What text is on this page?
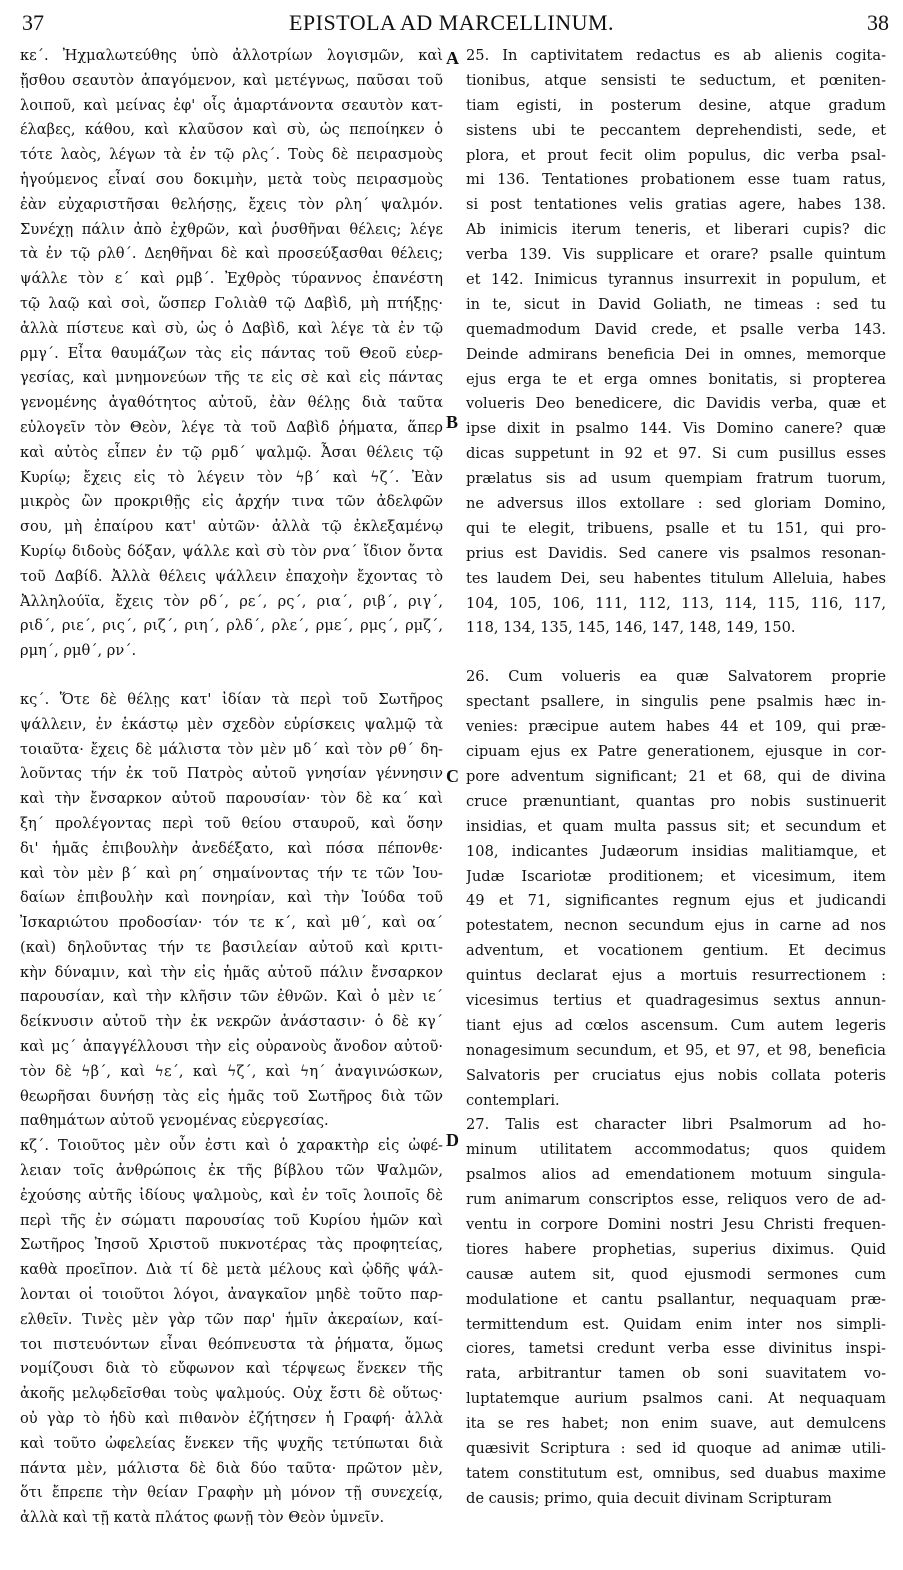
37	EPISTOLA AD MARCELLINUM.	38
κε΄. Ἠχμαλωτεύθης ὑπὸ ἀλλοτρίων λογισμῶν, καὶ
ᾔσθου σεαυτὸν ἀπαγόμενον, καὶ μετέγνως, παῦσαι τοῦ
λοιποῦ, καὶ μείνας ἐφ' οἷς ἁμαρτάνοντα σεαυτὸν κατ-
έλαβες, κάθου, καὶ κλαῦσον καὶ σὺ, ὡς πεποίηκεν ὁ
τότε λαὸς, λέγων τὰ ἐν τῷ ρλς΄. Τοὺς δὲ πειρασμοὺς
ἡγούμενος εἶναί σου δοκιμὴν, μετὰ τοὺς πειρασμοὺς
ἐὰν εὐχαριστῆσαι θελήσῃς, ἔχεις τὸν ρλη΄ ψαλμόν.
Συνέχῃ πάλιν ἀπὸ ἐχθρῶν, καὶ ῥυσθῆναι θέλεις; λέγε
τὰ ἐν τῷ ρλθ΄. Δεηθῆναι δὲ καὶ προσεύξασθαι θέλεις;
ψάλλε τὸν ε΄ καὶ ρμβ΄. Ἐχθρὸς τύραννος ἐπανέστη
τῷ λαῷ καὶ σοὶ, ὥσπερ Γολιὰθ τῷ Δαβὶδ, μὴ πτήξῃς·
ἀλλὰ πίστευε καὶ σὺ, ὡς ὁ Δαβὶδ, καὶ λέγε τὰ ἐν τῷ
ρμγ΄. Εἶτα θαυμάζων τὰς εἰς πάντας τοῦ Θεοῦ εὐερ-
γεσίας, καὶ μνημονεύων τῆς τε εἰς σὲ καὶ εἰς πάντας
γενομένης ἀγαθότητος αὐτοῦ, ἐὰν θέλῃς διὰ ταῦτα
εὐλογεῖν τὸν Θεὸν, λέγε τὰ τοῦ Δαβὶδ ῥήματα, ἅπερ
καὶ αὐτὸς εἶπεν ἐν τῷ ρμδ΄ ψαλμῷ. Ἆσαι θέλεις τῷ
Κυρίῳ; ἔχεις εἰς τὸ λέγειν τὸν ϟβ΄ καὶ ϟζ΄. Ἐὰν
μικρὸς ὢν προκριθῇς εἰς ἀρχήν τινα τῶν ἀδελφῶν
σου, μὴ ἐπαίρου κατ' αὐτῶν· ἀλλὰ τῷ ἐκλεξαμένῳ
Κυρίῳ διδοὺς δόξαν, ψάλλε καὶ σὺ τὸν ρνα΄ ἴδιον ὄντα
τοῦ Δαβίδ. Ἀλλὰ θέλεις ψάλλειν ἐπαχοὴν ἔχοντας τὸ
Ἀλληλούϊα, ἔχεις τὸν ρδ΄, ρε΄, ρς΄, ρια΄, ριβ΄, ριγ΄,
ριδ΄, ριε΄, ρις΄, ριζ΄, ριη΄, ρλδ΄, ρλε΄, ρμε΄, ρμς΄, ρμζ΄,
ρμη΄, ρμθ΄, ρν΄.
κς΄. Ὅτε δὲ θέλῃς κατ' ἰδίαν τὰ περὶ τοῦ Σωτῆρος
ψάλλειν, ἐν ἑκάστῳ μὲν σχεδὸν εὑρίσκεις ψαλμῷ τὰ
τοιαῦτα· ἔχεις δὲ μάλιστα τὸν μὲν μδ΄ καὶ τὸν ρθ΄ δη-
λοῦντας τήν ἐκ τοῦ Πατρὸς αὐτοῦ γνησίαν γέννησιν
καὶ τὴν ἔνσαρκον αὐτοῦ παρουσίαν· τὸν δὲ κα΄ καὶ
ξη΄ προλέγοντας περὶ τοῦ θείου σταυροῦ, καὶ ὅσην
δι' ἡμᾶς ἐπιβουλὴν ἀνεδέξατο, καὶ πόσα πέπονθε·
καὶ τὸν μὲν β΄ καὶ ρη΄ σημαίνοντας τήν τε τῶν Ἰου-
δαίων ἐπιβουλὴν καὶ πονηρίαν, καὶ τὴν Ἰούδα τοῦ
Ἰσκαριώτου προδοσίαν· τόν τε κ΄, καὶ μθ΄, καὶ οα΄
(καὶ) δηλοῦντας τήν τε βασιλείαν αὐτοῦ καὶ κριτι-
κὴν δύναμιν, καὶ τὴν εἰς ἡμᾶς αὐτοῦ πάλιν ἔνσαρκον
παρουσίαν, καὶ τὴν κλῆσιν τῶν ἐθνῶν. Καὶ ὁ μὲν ιε΄
δείκνυσιν αὐτοῦ τὴν ἐκ νεκρῶν ἀνάστασιν· ὁ δὲ κγ΄
καὶ μς΄ ἀπαγγέλλουσι τὴν εἰς οὐρανοὺς ἄνοδον αὐτοῦ·
τὸν δὲ ϟβ΄, καὶ ϟε΄, καὶ ϟζ΄, καὶ ϟη΄ ἀναγινώσκων,
θεωρῆσαι δυνήσῃ τὰς εἰς ἡμᾶς τοῦ Σωτῆρος διὰ τῶν
παθημάτων αὐτοῦ γενομένας εὐεργεσίας.
κζ΄. Τοιοῦτος μὲν οὖν ἐστι καὶ ὁ χαρακτὴρ εἰς ὠφέ-
λειαν τοῖς ἀνθρώποις ἐκ τῆς βίβλου τῶν Ψαλμῶν,
ἐχούσης αὐτῆς ἰδίους ψαλμοὺς, καὶ ἐν τοῖς λοιποῖς δὲ
περὶ τῆς ἐν σώματι παρουσίας τοῦ Κυρίου ἡμῶν καὶ
Σωτῆρος Ἰησοῦ Χριστοῦ πυκνοτέρας τὰς προφητείας,
καθὰ προεῖπον. Διὰ τί δὲ μετὰ μέλους καὶ ᾠδῆς ψάλ-
λονται οἱ τοιοῦτοι λόγοι, ἀναγκαῖον μηδὲ τοῦτο παρ-
ελθεῖν. Τινὲς μὲν γὰρ τῶν παρ' ἡμῖν ἀκεραίων, καί-
τοι πιστευόντων εἶναι θεόπνευστα τὰ ῥήματα, ὅμως
νομίζουσι διὰ τὸ εὔφωνον καὶ τέρψεως ἕνεκεν τῆς
ἀκοῆς μελῳδεῖσθαι τοὺς ψαλμούς. Οὐχ ἔστι δὲ οὕτως·
οὐ γὰρ τὸ ἡδὺ καὶ πιθανὸν ἐζήτησεν ἡ Γραφή· ἀλλὰ
καὶ τοῦτο ὠφελείας ἕνεκεν τῆς ψυχῆς τετύπωται διὰ
πάντα μὲν, μάλιστα δὲ διὰ δύο ταῦτα· πρῶτον μὲν,
ὅτι ἔπρεπε τὴν θείαν Γραφὴν μὴ μόνον τῇ συνεχείᾳ,
ἀλλὰ καὶ τῇ κατὰ πλάτος φωνῇ τὸν Θεὸν ὑμνεῖν.
25. In captivitatem redactus es ab alienis cogita-
tionibus, atque sensisti te seductum, et pœniten-
tiam egisti, in posterum desine, atque gradum
sistens ubi te peccantem deprehendisti, sede, et
plora, et prout fecit olim populus, dic verba psal-
mi 136. Tentationes probationem esse tuam ratus,
si post tentationes velis gratias agere, habes 138.
Ab inimicis iterum teneris, et liberari cupis? dic
verba 139. Vis supplicare et orare? psalle quintum
et 142. Inimicus tyrannus insurrexit in populum, et
in te, sicut in David Goliath, ne timeas : sed tu
quemadmodum David crede, et psalle verba 143.
Deinde admirans beneficia Dei in omnes, memorque
ejus erga te et erga omnes bonitatis, si propterea
volueris Deo benedicere, dic Davidis verba, quæ et
ipse dixit in psalmo 144. Vis Domino canere? quæ
dicas suppetunt in 92 et 97. Si cum pusillus esses
prælatus sis ad usum quempiam fratrum tuorum,
ne adversus illos extollare : sed gloriam Domino,
qui te elegit, tribuens, psalle et tu 151, qui pro-
prius est Davidis. Sed canere vis psalmos resonan-
tes laudem Dei, seu habentes titulum Alleluia, habes
104, 105, 106, 111, 112, 113, 114, 115, 116, 117,
118, 134, 135, 145, 146, 147, 148, 149, 150.
26. Cum volueris ea quæ Salvatorem proprie
spectant psallere, in singulis pene psalmis hæc in-
venies: præcipue autem habes 44 et 109, qui præ-
cipuam ejus ex Patre generationem, ejusque in cor-
pore adventum significant; 21 et 68, qui de divina
cruce prænuntiant, quantas pro nobis sustinuerit
insidias, et quam multa passus sit; et secundum et
108, indicantes Judæorum insidias malitiamque, et
Judæ Iscariotæ proditionem; et vicesimum, item
49 et 71, significantes regnum ejus et judicandi
potestatem, necnon secundum ejus in carne ad nos
adventum, et vocationem gentium. Et decimus
quintus declarat ejus a mortuis resurrectionem :
vicesimus tertius et quadragesimus sextus annun-
tiant ejus ad cœlos ascensum. Cum autem legeris
nonagesimum secundum, et 95, et 97, et 98, beneficia
Salvatoris per cruciatus ejus nobis collata poteris
contemplari.
27. Talis est character libri Psalmorum ad ho-
minum utilitatem accommodatus; quos quidem
psalmos alios ad emendationem motuum singula-
rum animarum conscriptos esse, reliquos vero de ad-
ventu in corpore Domini nostri Jesu Christi frequen-
tiores habere prophetias, superius diximus. Quid
causæ autem sit, quod ejusmodi sermones cum
modulatione et cantu psallantur, nequaquam præ-
termittendum est. Quidam enim inter nos simpli-
ciores, tametsi credunt verba esse divinitus inspi-
rata, arbitrantur tamen ob soni suavitatem vo-
luptatemque aurium psalmos cani. At nequaquam
ita se res habet; non enim suave, aut demulcens
quæsivit Scriptura : sed id quoque ad animæ utili-
tatem constitutum est, omnibus, sed duabus maxime
de causis; primo, quia decuit divinam Scripturam
A
B
C
D
